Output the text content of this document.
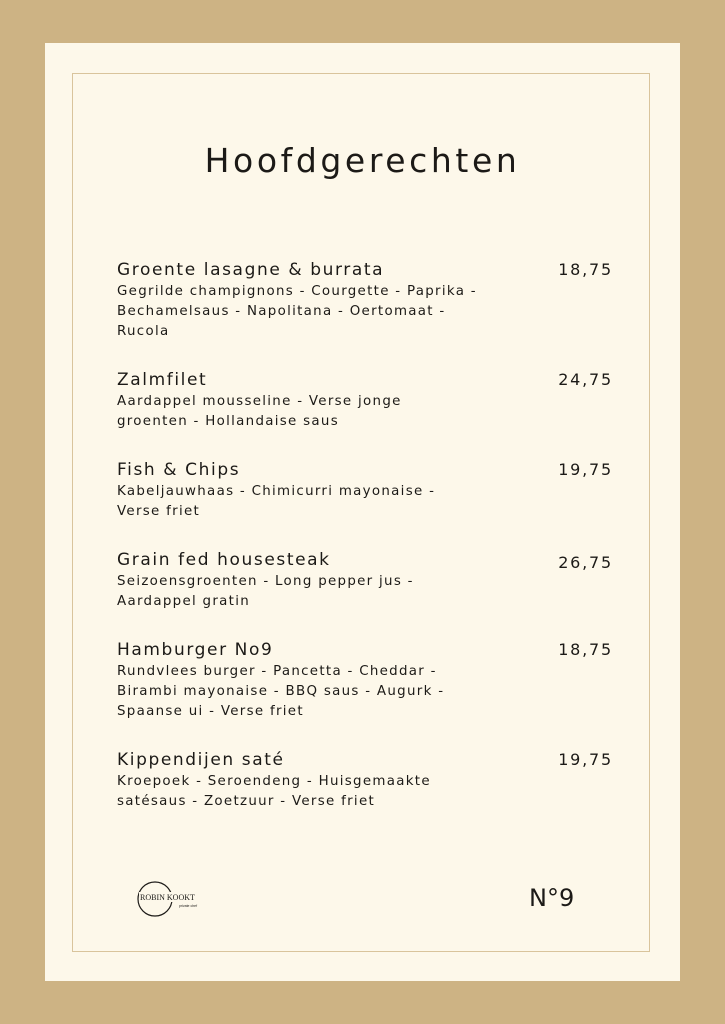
Hoofdgerechten

Groente lasagne & burrata	18,75

Gegrilde champignons - Courgette - Paprika - Bechamelsaus - Napolitana - Oertomaat - Rucola

Zalmfilet	24,75

Aardappel mousseline - Verse jonge groenten - Hollandaise saus

Fish & Chips	19,75

Kabeljauwhaas - Chimicurri mayonaise - Verse friet

Grain fed housesteak	26,75

Seizoensgroenten - Long pepper jus - Aardappel gratin

Hamburger No9	18,75

Rundvlees burger - Pancetta - Cheddar - Birambi mayonaise - BBQ saus - Augurk - Spaanse ui - Verse friet

Kippendijen saté	19,75

Kroepoek - Seroendeng - Huisgemaakte satésaus - Zoetzuur - Verse friet

ROBIN KOOKT
private chef	N°9
